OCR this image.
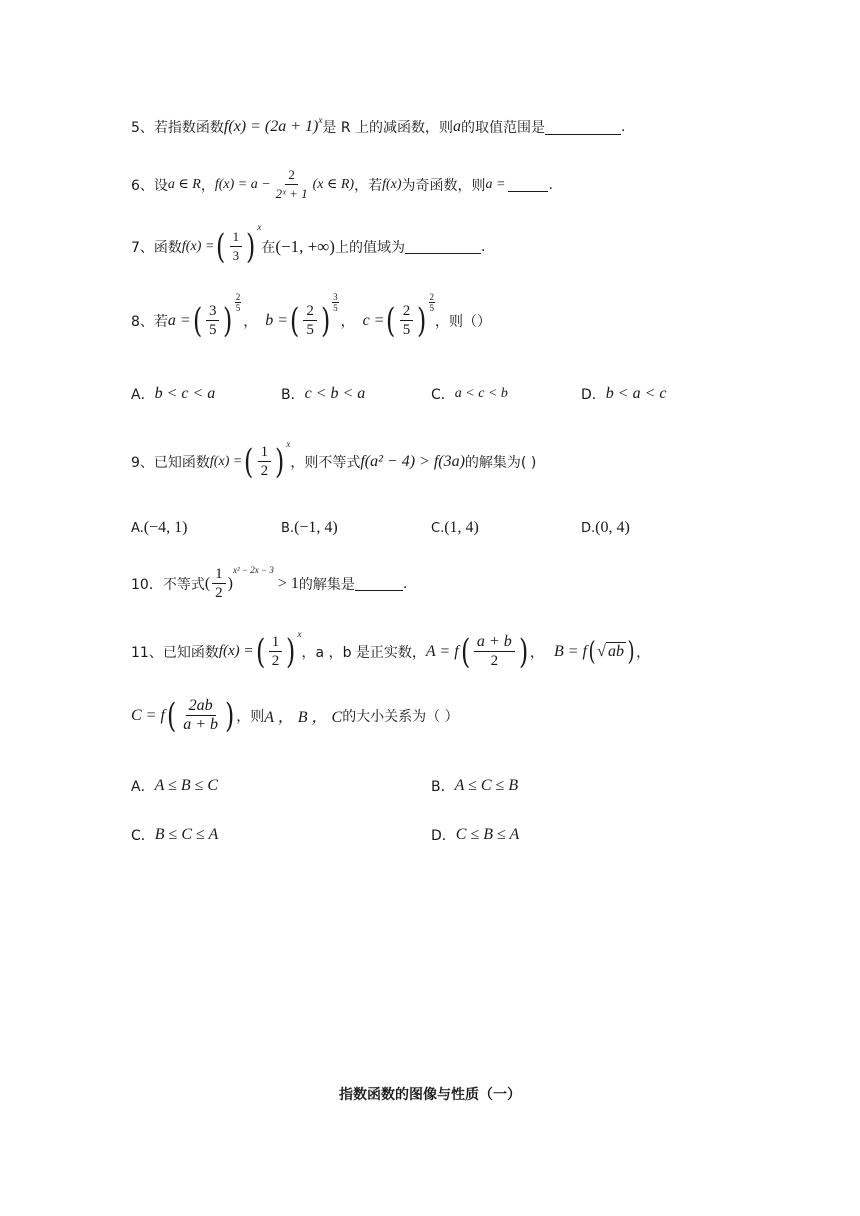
5、若指数函数 f(x) = (2a + 1) x 是 R 上的减函数，则 a 的取值范围是	.
6、设 a ∈ R ， $f(x) = a - \frac{2}{\text{2ˣ + 1}} (x$ ∈ R) ，若 f(x) 为奇函数，则 a =	.
7、函数 f(x) = ( $\frac{1}{3}$ ) x
在 (−1, +∞) 上的值域为	.
8、若 a = ( $\frac{3}{5}$ ) $\frac{2}{5}$
， b = ( $\frac{2}{5}$ ) $\frac{3}{5}$
， c = ( $\frac{2}{5}$ ) $\frac{2}{5}$
，则（）
A． b < c < a	B． c < b < a	C． a < c < b	D． b < a < c
9、已知函数 f(x) = ( $\frac{1}{2}$ ) x
，则不等式 f(a² − 4) > f(3a) 的解集为( )
A. (−4, 1)	B. (−1, 4)	C. (1, 4)	D. (0, 4)
10．不等式 ( $\frac{1}{2}$ )
x² − 2x − 3
> 1 的解集是	.
11、已知函数 f(x) = ( $\frac{1}{2}$ ) x
，a ，b 是正实数， A = f ( $\frac{a + b}{2}$ ) ， B = f ( √ ab ) ，
C = f ( $\frac{2ab}{a + b}$ ) ，则 A ， B ， C 的大小关系为（ ）
A． A ≤ B ≤ C	B． A ≤ C ≤ B
C． B ≤ C ≤ A	D． C ≤ B ≤ A
指数函数的图像与性质（一）
